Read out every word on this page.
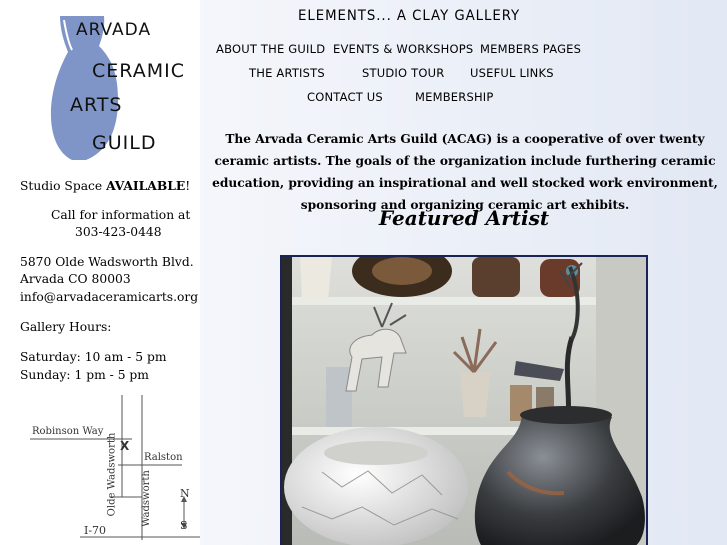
ARVADA
CERAMIC
ARTS
GUILD
Studio Space AVAILABLE!
Call for information at
303-423-0448
5870 Olde Wadsworth Blvd.
Arvada CO 80003
info@arvadaceramicarts.org
Gallery Hours:
Saturday: 10 am - 5 pm
Sunday: 1 pm - 5 pm
Robinson Way
X
Ralston
Olde Wadsworth Wadsworth
I-70
N
S
ELEMENTS... A CLAY GALLERY
ABOUT THE GUILD EVENTS & WORKSHOPS MEMBERS PAGES
THE ARTISTS	STUDIO TOUR USEFUL LINKS
CONTACT US	MEMBERSHIP
The Arvada Ceramic Arts Guild (ACAG) is a cooperative of over twenty ceramic artists. The goals of the organization include furthering ceramic education, providing an inspirational and well stocked work environment, sponsoring and organizing ceramic art exhibits.
Featured Artist
